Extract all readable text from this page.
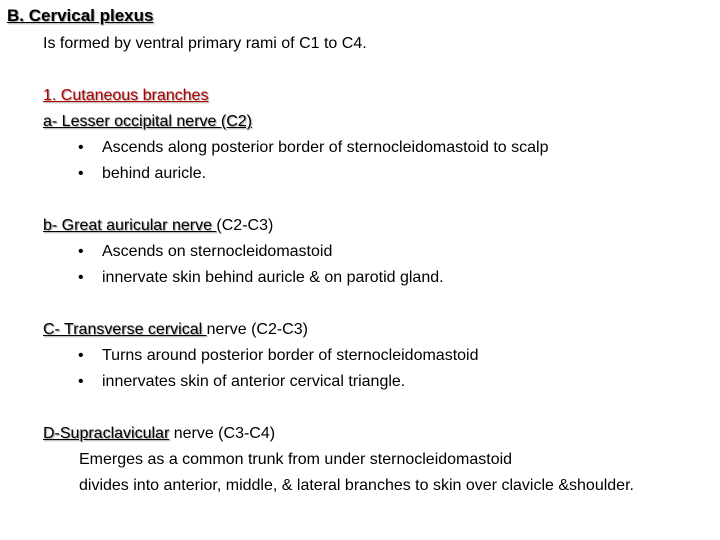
B. Cervical plexus
Is formed by ventral primary rami of C1 to C4.
1. Cutaneous branches
a- Lesser occipital nerve (C2)
• Ascends along posterior border of sternocleidomastoid to scalp
• behind auricle.
b- Great auricular nerve (C2-C3)
• Ascends on sternocleidomastoid
• innervate skin behind auricle & on parotid gland.
C- Transverse cervical nerve (C2-C3)
• Turns around posterior border of sternocleidomastoid
• innervates skin of anterior cervical triangle.
D-Supraclavicular nerve (C3-C4)
Emerges as a common trunk from under sternocleidomastoid
divides into anterior, middle, & lateral branches to skin over clavicle &shoulder.
